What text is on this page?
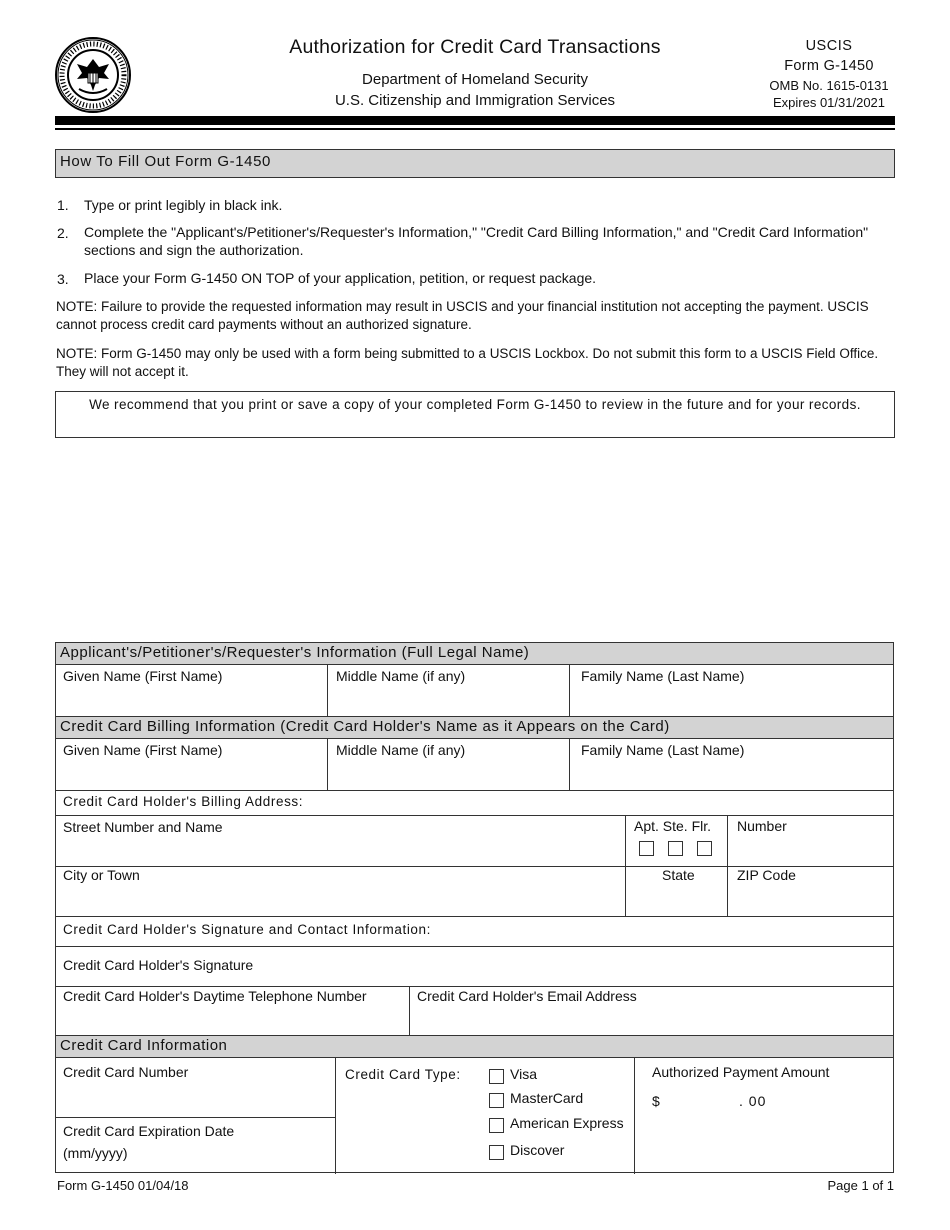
Authorization for Credit Card Transactions
Department of Homeland Security
U.S. Citizenship and Immigration Services
USCIS
Form G-1450
OMB No. 1615-0131
Expires 01/31/2021
How To Fill Out Form G-1450
1. Type or print legibly in black ink.
2. Complete the "Applicant's/Petitioner's/Requester's Information," "Credit Card Billing Information," and "Credit Card Information" sections and sign the authorization.
3. Place your Form G-1450 ON TOP of your application, petition, or request package.
NOTE: Failure to provide the requested information may result in USCIS and your financial institution not accepting the payment. USCIS cannot process credit card payments without an authorized signature.
NOTE: Form G-1450 may only be used with a form being submitted to a USCIS Lockbox. Do not submit this form to a USCIS Field Office. They will not accept it.
We recommend that you print or save a copy of your completed Form G-1450 to review in the future and for your records.
Applicant's/Petitioner's/Requester's Information (Full Legal Name)
Given Name (First Name)	Middle Name (if any)	Family Name (Last Name)
Credit Card Billing Information (Credit Card Holder's Name as it Appears on the Card)
Given Name (First Name)	Middle Name (if any)	Family Name (Last Name)
Credit Card Holder's Billing Address:
Street Number and Name	Apt. Ste. Flr. Number
City or Town	State	ZIP Code
Credit Card Holder's Signature and Contact Information:
Credit Card Holder's Signature
Credit Card Holder's Daytime Telephone Number	Credit Card Holder's Email Address
Credit Card Information
Credit Card Number
Credit Card Expiration Date
(mm/yyyy)
Credit Card Type:	Visa
MasterCard
American Express
Discover
Authorized Payment Amount
$	. 00
Form G-1450 01/04/18	Page 1 of 1
